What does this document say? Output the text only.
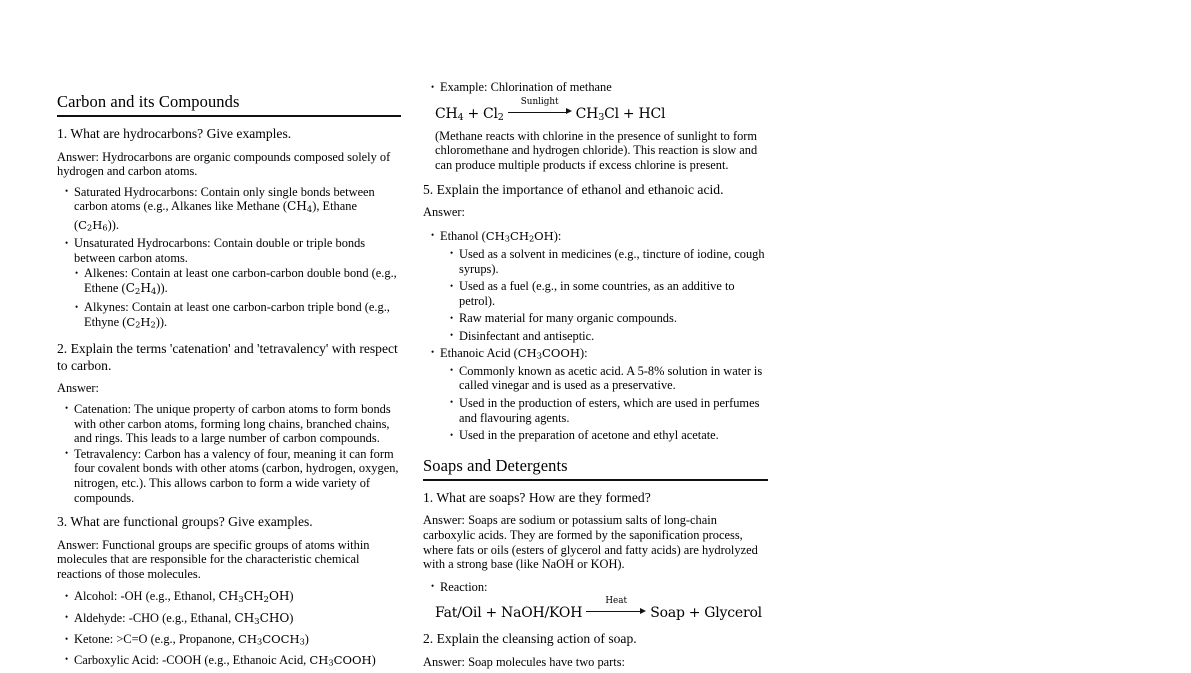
Carbon and its Compounds

1. What are hydrocarbons? Give examples.

Answer: Hydrocarbons are organic compounds composed solely of hydrogen and carbon atoms.

• Saturated Hydrocarbons: Contain only single bonds between carbon atoms (e.g., Alkanes like Methane $(CH_4)$, Ethane $(C_2H_6)$).
• Unsaturated Hydrocarbons: Contain double or triple bonds between carbon atoms.
• Alkenes: Contain at least one carbon-carbon double bond (e.g., Ethene $(C_2H_4)$).
• Alkynes: Contain at least one carbon-carbon triple bond (e.g., Ethyne $(C_2H_2)$).

2. Explain the terms 'catenation' and 'tetravalency' with respect to carbon.

Answer:

• Catenation: The unique property of carbon atoms to form bonds with other carbon atoms, forming long chains, branched chains, and rings. This leads to a large number of carbon compounds.
• Tetravalency: Carbon has a valency of four, meaning it can form four covalent bonds with other atoms (carbon, hydrogen, oxygen, nitrogen, etc.). This allows carbon to form a wide variety of compounds.

3. What are functional groups? Give examples.

Answer: Functional groups are specific groups of atoms within molecules that are responsible for the characteristic chemical reactions of those molecules.

• Alcohol: -OH (e.g., Ethanol, $CH_3CH_2OH$)
• Aldehyde: -CHO (e.g., Ethanal, $CH_3CHO$)
• Ketone: >C=O (e.g., Propanone, $CH_3COCH_3$)
• Carboxylic Acid: -COOH (e.g., Ethanoic Acid, $CH_3COOH$)
• Example: Chlorination of methane
$CH_4 + Cl_2$
Sunlight
$CH_3Cl$ + HCl

(Methane reacts with chlorine in the presence of sunlight to form chloromethane and hydrogen chloride). This reaction is slow and can produce multiple products if excess chlorine is present.

5. Explain the importance of ethanol and ethanoic acid.

Answer:

• Ethanol $(CH_3CH_2OH)$:
• Used as a solvent in medicines (e.g., tincture of iodine, cough syrups).
• Used as a fuel (e.g., in some countries, as an additive to petrol).
• Raw material for many organic compounds.
• Disinfectant and antiseptic.
• Ethanoic Acid $(CH_3COOH)$:
• Commonly known as acetic acid. A 5-8% solution in water is called vinegar and is used as a preservative.
• Used in the production of esters, which are used in perfumes and flavouring agents.
• Used in the preparation of acetone and ethyl acetate.
Soaps and Detergents

1. What are soaps? How are they formed?

Answer: Soaps are sodium or potassium salts of long-chain carboxylic acids. They are formed by the saponification process, where fats or oils (esters of glycerol and fatty acids) are hydrolyzed with a strong base (like NaOH or KOH).

• Reaction:
Fat/Oil + NaOH/KOH
Heat
Soap + Glycerol

2. Explain the cleansing action of soap.

Answer: Soap molecules have two parts:
